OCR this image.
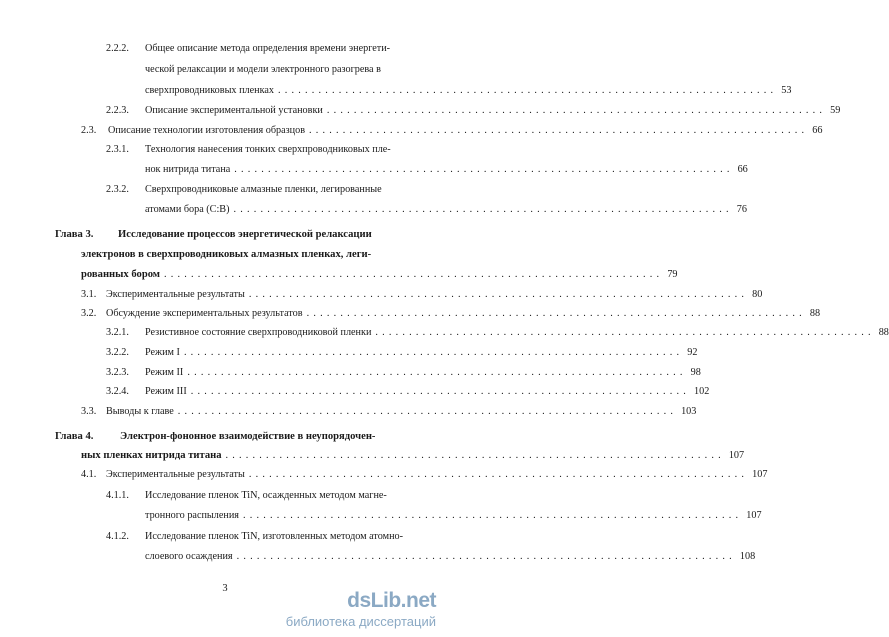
2.2.2. Общее описание метода определения времени энергети-
ческой релаксации и модели электронного разогрева в
сверхпроводниковых пленках .......................................................................... 53
2.2.3. Описание экспериментальной установки .......................................................................... 59
2.3. Описание технологии изготовления образцов .......................................................................... 66
2.3.1. Технология нанесения тонких сверхпроводниковых пле-
нок нитрида титана .......................................................................... 66
2.3.2. Сверхпроводниковые алмазные пленки, легированные
атомами бора (С:В) .......................................................................... 76
Глава 3. Исследование процессов энергетической релаксации
электронов в сверхпроводниковых алмазных пленках, леги-
рованных бором .......................................................................... 79
3.1. Экспериментальные результаты .......................................................................... 80
3.2. Обсуждение экспериментальных результатов .......................................................................... 88
3.2.1. Резистивное состояние сверхпроводниковой пленки .......................................................................... 88
3.2.2. Режим I .......................................................................... 92
3.2.3. Режим II .......................................................................... 98
3.2.4. Режим III .......................................................................... 102
3.3. Выводы к главе .......................................................................... 103
Глава 4.	Электрон-фононное взаимодействие в неупорядочен-
ных пленках нитрида титана .......................................................................... 107
4.1. Экспериментальные результаты .......................................................................... 107
4.1.1. Исследование пленок TiN, осажденных методом магне-
тронного распыления .......................................................................... 107
4.1.2. Исследование пленок TiN, изготовленных методом атомно-
слоевого осаждения .......................................................................... 108
3
dsLib.net
библиотека диссертаций
